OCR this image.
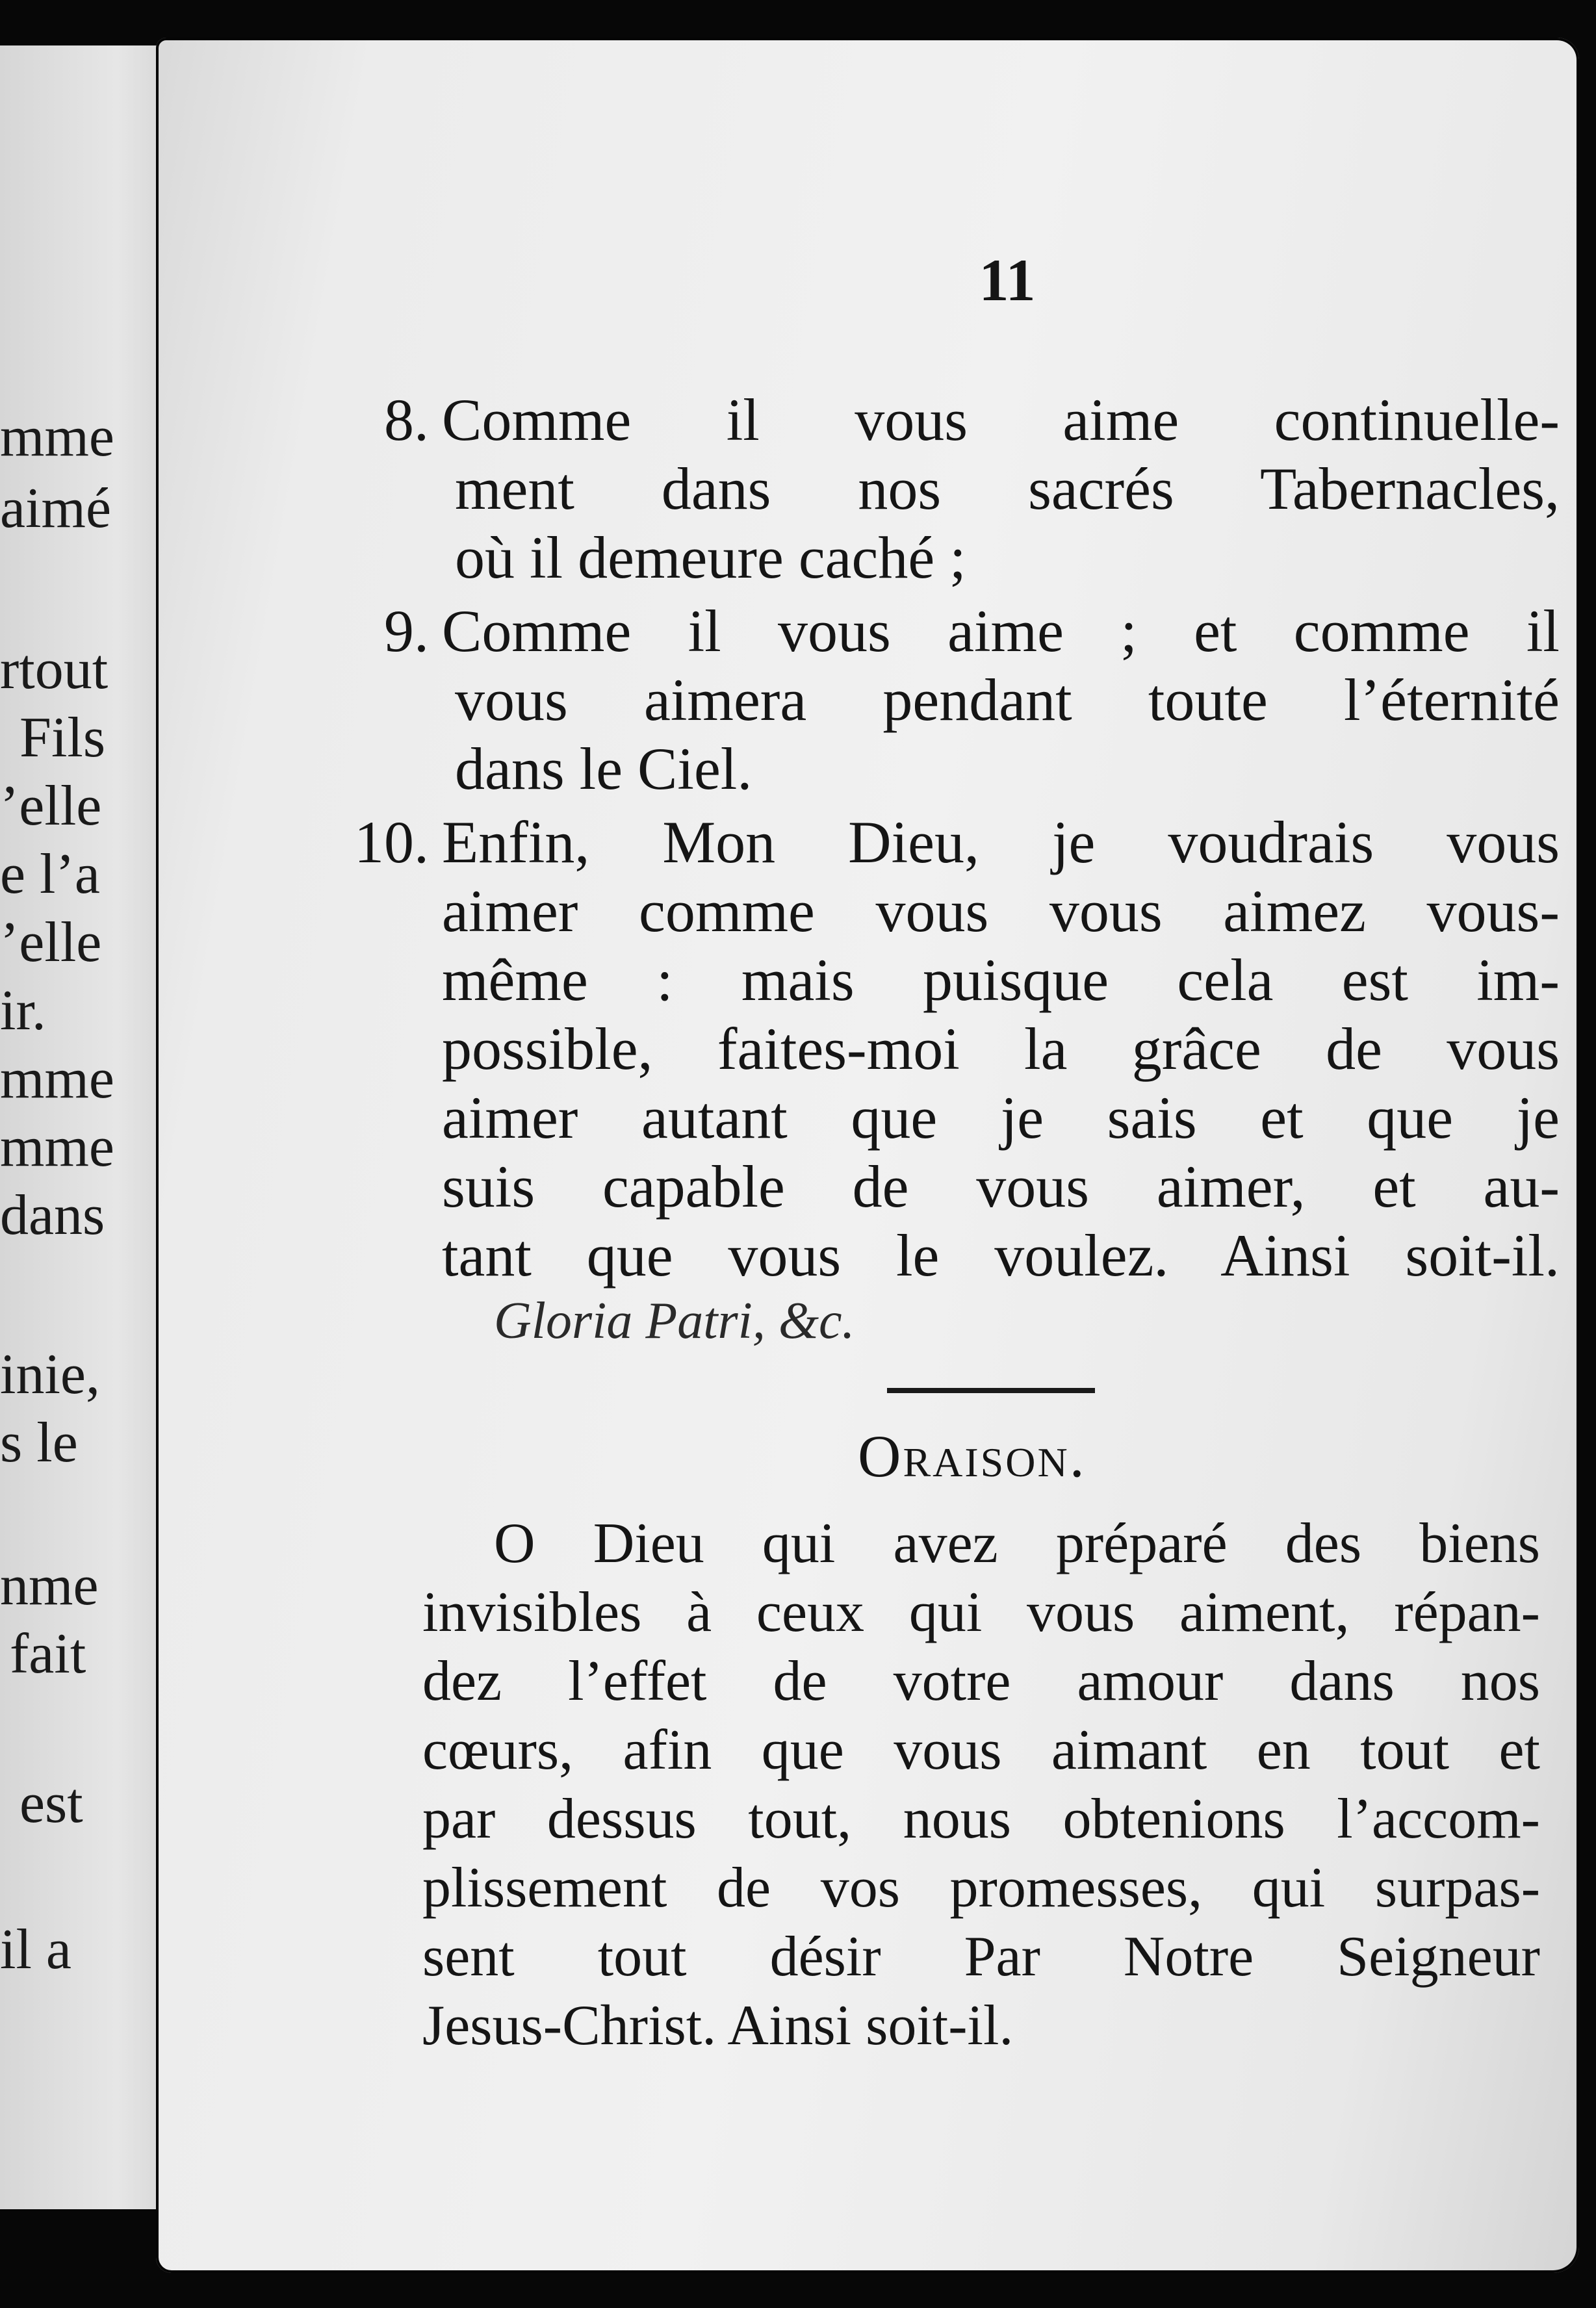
mme
aimé
rtout
Fils
’elle
e l’a
’elle
ir.
mme
mme
dans
inie,
s le
nme
fait
est
il a
11
8. Comme il vous aime continuelle-
ment dans nos sacrés Tabernacles,
où il demeure caché ;
9. Comme il vous aime ; et comme il
vous aimera pendant toute l’éternité
dans le Ciel.
10. Enfin, Mon Dieu, je voudrais vous
aimer comme vous vous aimez vous-
même : mais puisque cela est im-
possible, faites-moi la grâce de vous
aimer autant que je sais et que je
suis capable de vous aimer, et au-
tant que vous le voulez. Ainsi soit-il.
Gloria Patri, &c.
Oraison.
O Dieu qui avez préparé des biens
invisibles à ceux qui vous aiment, répan-
dez l’effet de votre amour dans nos
cœurs, afin que vous aimant en tout et
par dessus tout, nous obtenions l’accom-
plissement de vos promesses, qui surpas-
sent tout désir Par Notre Seigneur
Jesus-Christ. Ainsi soit-il.
